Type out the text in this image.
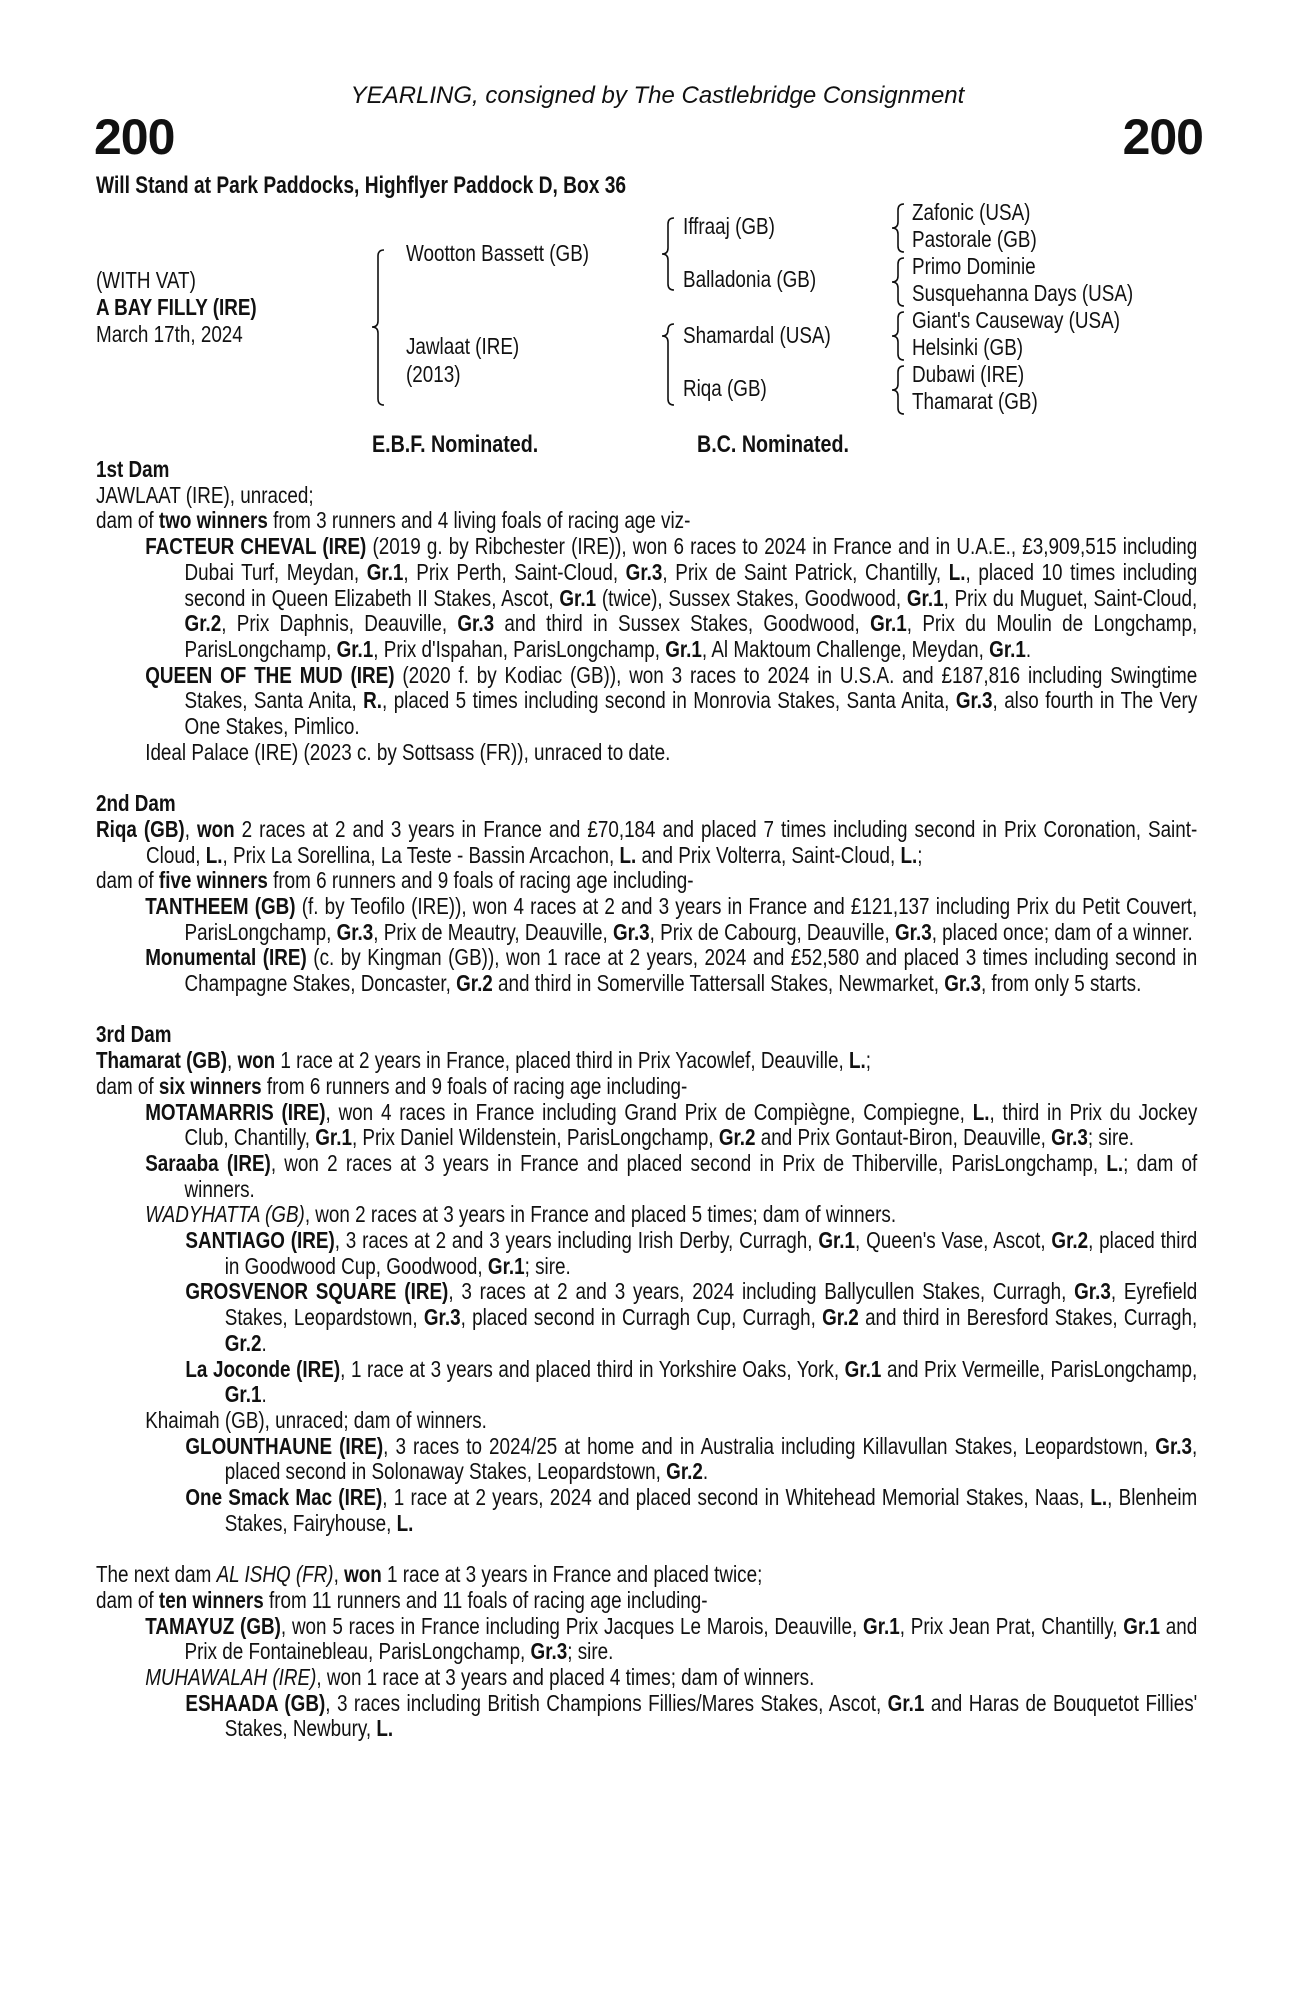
YEARLING, consigned by The Castlebridge Consignment
200	200
Will Stand at Park Paddocks, Highflyer Paddock D, Box 36
(WITH VAT)
A BAY FILLY (IRE)
March 17th, 2024
Wootton Bassett (GB)
Jawlaat (IRE)
(2013)
Iffraaj (GB)
Balladonia (GB)
Shamardal (USA)
Riqa (GB)
Zafonic (USA)
Pastorale (GB)
Primo Dominie
Susquehanna Days (USA)
Giant's Causeway (USA)
Helsinki (GB)
Dubawi (IRE)
Thamarat (GB)
E.B.F. Nominated.	B.C. Nominated.
1st Dam
JAWLAAT (IRE), unraced;
dam of two winners from 3 runners and 4 living foals of racing age viz-
FACTEUR CHEVAL (IRE) (2019 g. by Ribchester (IRE)), won 6 races to 2024 in France and in U.A.E., £3,909,515 including Dubai Turf, Meydan, Gr.1, Prix Perth, Saint-Cloud, Gr.3, Prix de Saint Patrick, Chantilly, L., placed 10 times including second in Queen Elizabeth II Stakes, Ascot, Gr.1 (twice), Sussex Stakes, Goodwood, Gr.1, Prix du Muguet, Saint-Cloud, Gr.2, Prix Daphnis, Deauville, Gr.3 and third in Sussex Stakes, Goodwood, Gr.1, Prix du Moulin de Longchamp, ParisLongchamp, Gr.1, Prix d'Ispahan, ParisLongchamp, Gr.1, Al Maktoum Challenge, Meydan, Gr.1.
QUEEN OF THE MUD (IRE) (2020 f. by Kodiac (GB)), won 3 races to 2024 in U.S.A. and £187,816 including Swingtime Stakes, Santa Anita, R., placed 5 times including second in Monrovia Stakes, Santa Anita, Gr.3, also fourth in The Very One Stakes, Pimlico.
Ideal Palace (IRE) (2023 c. by Sottsass (FR)), unraced to date.
2nd Dam
Riqa (GB), won 2 races at 2 and 3 years in France and £70,184 and placed 7 times including second in Prix Coronation, Saint-Cloud, L., Prix La Sorellina, La Teste - Bassin Arcachon, L. and Prix Volterra, Saint-Cloud, L.;
dam of five winners from 6 runners and 9 foals of racing age including-
TANTHEEM (GB) (f. by Teofilo (IRE)), won 4 races at 2 and 3 years in France and £121,137 including Prix du Petit Couvert, ParisLongchamp, Gr.3, Prix de Meautry, Deauville, Gr.3, Prix de Cabourg, Deauville, Gr.3, placed once; dam of a winner.
Monumental (IRE) (c. by Kingman (GB)), won 1 race at 2 years, 2024 and £52,580 and placed 3 times including second in Champagne Stakes, Doncaster, Gr.2 and third in Somerville Tattersall Stakes, Newmarket, Gr.3, from only 5 starts.
3rd Dam
Thamarat (GB), won 1 race at 2 years in France, placed third in Prix Yacowlef, Deauville, L.;
dam of six winners from 6 runners and 9 foals of racing age including-
MOTAMARRIS (IRE), won 4 races in France including Grand Prix de Compiègne, Compiegne, L., third in Prix du Jockey Club, Chantilly, Gr.1, Prix Daniel Wildenstein, ParisLongchamp, Gr.2 and Prix Gontaut-Biron, Deauville, Gr.3; sire.
Saraaba (IRE), won 2 races at 3 years in France and placed second in Prix de Thiberville, ParisLongchamp, L.; dam of winners.
WADYHATTA (GB), won 2 races at 3 years in France and placed 5 times; dam of winners.
SANTIAGO (IRE), 3 races at 2 and 3 years including Irish Derby, Curragh, Gr.1, Queen's Vase, Ascot, Gr.2, placed third in Goodwood Cup, Goodwood, Gr.1; sire.
GROSVENOR SQUARE (IRE), 3 races at 2 and 3 years, 2024 including Ballycullen Stakes, Curragh, Gr.3, Eyrefield Stakes, Leopardstown, Gr.3, placed second in Curragh Cup, Curragh, Gr.2 and third in Beresford Stakes, Curragh, Gr.2.
La Joconde (IRE), 1 race at 3 years and placed third in Yorkshire Oaks, York, Gr.1 and Prix Vermeille, ParisLongchamp, Gr.1.
Khaimah (GB), unraced; dam of winners.
GLOUNTHAUNE (IRE), 3 races to 2024/25 at home and in Australia including Killavullan Stakes, Leopardstown, Gr.3, placed second in Solonaway Stakes, Leopardstown, Gr.2.
One Smack Mac (IRE), 1 race at 2 years, 2024 and placed second in Whitehead Memorial Stakes, Naas, L., Blenheim Stakes, Fairyhouse, L.
The next dam AL ISHQ (FR), won 1 race at 3 years in France and placed twice;
dam of ten winners from 11 runners and 11 foals of racing age including-
TAMAYUZ (GB), won 5 races in France including Prix Jacques Le Marois, Deauville, Gr.1, Prix Jean Prat, Chantilly, Gr.1 and Prix de Fontainebleau, ParisLongchamp, Gr.3; sire.
MUHAWALAH (IRE), won 1 race at 3 years and placed 4 times; dam of winners.
ESHAADA (GB), 3 races including British Champions Fillies/Mares Stakes, Ascot, Gr.1 and Haras de Bouquetot Fillies' Stakes, Newbury, L.
